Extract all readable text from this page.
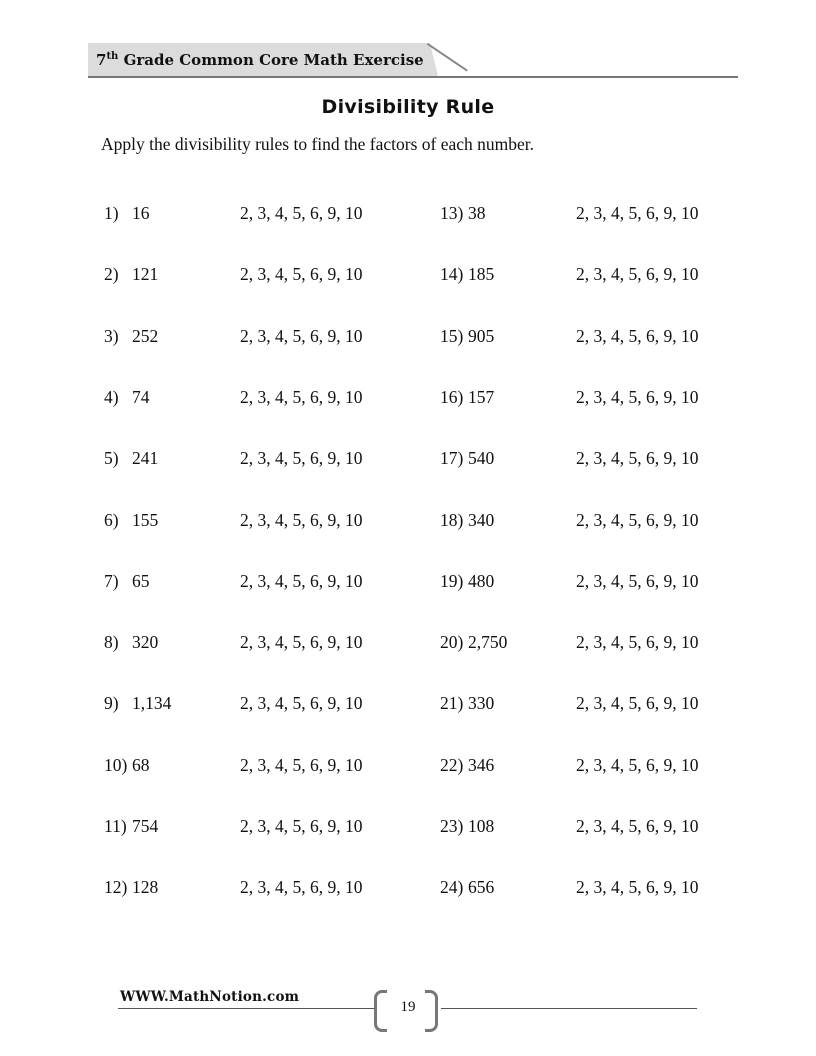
7th Grade Common Core Math Exercise
Divisibility Rule
Apply the divisibility rules to find the factors of each number.
1) 16	2, 3, 4, 5, 6, 9, 10
2) 121	2, 3, 4, 5, 6, 9, 10
3) 252	2, 3, 4, 5, 6, 9, 10
4) 74	2, 3, 4, 5, 6, 9, 10
5) 241	2, 3, 4, 5, 6, 9, 10
6) 155	2, 3, 4, 5, 6, 9, 10
7) 65	2, 3, 4, 5, 6, 9, 10
8) 320	2, 3, 4, 5, 6, 9, 10
9) 1,134	2, 3, 4, 5, 6, 9, 10
10) 68	2, 3, 4, 5, 6, 9, 10
11) 754	2, 3, 4, 5, 6, 9, 10
12) 128	2, 3, 4, 5, 6, 9, 10
13) 38	2, 3, 4, 5, 6, 9, 10
14) 185	2, 3, 4, 5, 6, 9, 10
15) 905	2, 3, 4, 5, 6, 9, 10
16) 157	2, 3, 4, 5, 6, 9, 10
17) 540	2, 3, 4, 5, 6, 9, 10
18) 340	2, 3, 4, 5, 6, 9, 10
19) 480	2, 3, 4, 5, 6, 9, 10
20) 2,750	2, 3, 4, 5, 6, 9, 10
21) 330	2, 3, 4, 5, 6, 9, 10
22) 346	2, 3, 4, 5, 6, 9, 10
23) 108	2, 3, 4, 5, 6, 9, 10
24) 656	2, 3, 4, 5, 6, 9, 10
WWW.MathNotion.com
19
